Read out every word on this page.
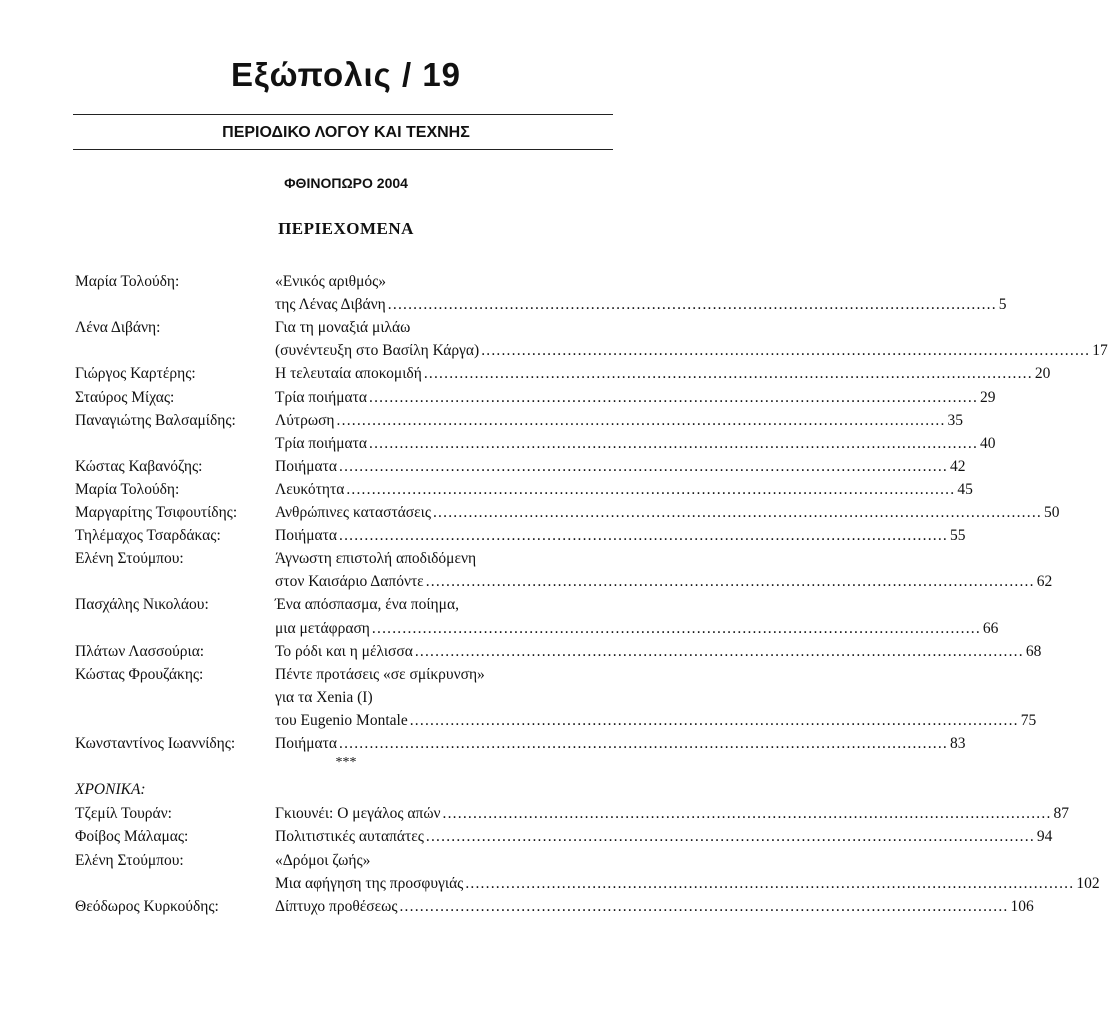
Εξώπολις / 19
ΠΕΡΙΟΔΙΚΟ ΛΟΓΟΥ ΚΑΙ ΤΕΧΝΗΣ
ΦΘΙΝΟΠΩΡΟ 2004
ΠΕΡΙΕΧΟΜΕΝΑ
Μαρία Τολούδη:	«Ενικός αριθμός»
της Λένας Διβάνη ........................................................................................................................ 5
Λένα Διβάνη:	Για τη μοναξιά μιλάω
(συνέντευξη στο Βασίλη Κάργα) ........................................................................................................................ 17
Γιώργος Καρτέρης:	Η τελευταία αποκομιδή ........................................................................................................................ 20
Σταύρος Μίχας:	Τρία ποιήματα ........................................................................................................................ 29
Παναγιώτης Βαλσαμίδης:	Λύτρωση ........................................................................................................................ 35
Τρία ποιήματα ........................................................................................................................ 40
Κώστας Καβανόζης:	Ποιήματα ........................................................................................................................ 42
Μαρία Τολούδη:	Λευκότητα ........................................................................................................................ 45
Μαργαρίτης Τσιφουτίδης:	Ανθρώπινες καταστάσεις ........................................................................................................................ 50
Τηλέμαχος Τσαρδάκας:	Ποιήματα ........................................................................................................................ 55
Ελένη Στούμπου:	Άγνωστη επιστολή αποδιδόμενη
στον Καισάριο Δαπόντε ........................................................................................................................ 62
Πασχάλης Νικολάου:	Ένα απόσπασμα, ένα ποίημα,
μια μετάφραση ........................................................................................................................ 66
Πλάτων Λασσούρια:	Το ρόδι και η μέλισσα ........................................................................................................................ 68
Κώστας Φρουζάκης:	Πέντε προτάσεις «σε σμίκρυνση»
για τα Xenia (I)
του Eugenio Montale ........................................................................................................................ 75
Κωνσταντίνος Ιωαννίδης:	Ποιήματα ........................................................................................................................ 83
***
ΧΡΟΝΙΚΑ:
Τζεμίλ Τουράν:	Γκιουνέι: Ο μεγάλος απών ........................................................................................................................ 87
Φοίβος Μάλαμας:	Πολιτιστικές αυταπάτες ........................................................................................................................ 94
Ελένη Στούμπου:	«Δρόμοι ζωής»
Μια αφήγηση της προσφυγιάς ........................................................................................................................ 102
Θεόδωρος Κυρκούδης:	Δίπτυχο προθέσεως ........................................................................................................................ 106
